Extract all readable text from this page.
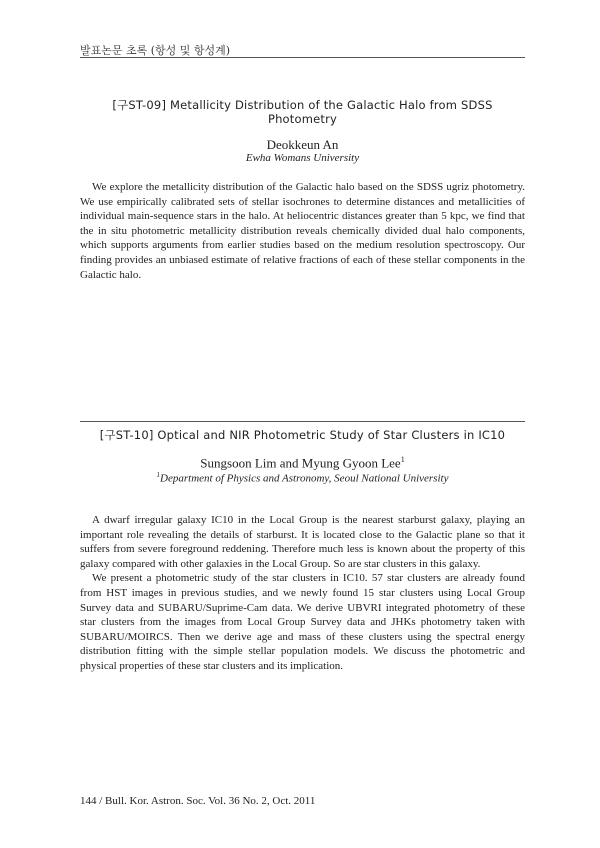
발표논문 초록 (항성 및 항성계)
[구ST-09] Metallicity Distribution of the Galactic Halo from SDSS Photometry
Deokkeun An
Ewha Womans University

We explore the metallicity distribution of the Galactic halo based on the SDSS ugriz photometry. We use empirically calibrated sets of stellar isochrones to determine distances and metallicities of individual main-sequence stars in the halo. At heliocentric distances greater than 5 kpc, we find that the in situ photometric metallicity distribution reveals chemically divided dual halo components, which supports arguments from earlier studies based on the medium resolution spectroscopy. Our finding provides an unbiased estimate of relative fractions of each of these stellar components in the Galactic halo.

[구ST-10] Optical and NIR Photometric Study of Star Clusters in IC10
Sungsoon Lim and Myung Gyoon Lee$^1$
$^1$Department of Physics and Astronomy, Seoul National University

A dwarf irregular galaxy IC10 in the Local Group is the nearest starburst galaxy, playing an important role revealing the details of starburst. It is located close to the Galactic plane so that it suffers from severe foreground reddening. Therefore much less is known about the property of this galaxy compared with other galaxies in the Local Group. So are star clusters in this galaxy.

We present a photometric study of the star clusters in IC10. 57 star clusters are already found from HST images in previous studies, and we newly found 15 star clusters using Local Group Survey data and SUBARU/Suprime-Cam data. We derive UBVRI integrated photometry of these star clusters from the images from Local Group Survey data and JHKs photometry taken with SUBARU/MOIRCS. Then we derive age and mass of these clusters using the spectral energy distribution fitting with the simple stellar population models. We discuss the photometric and physical properties of these star clusters and its implication.

144 / Bull. Kor. Astron. Soc. Vol. 36 No. 2, Oct. 2011
